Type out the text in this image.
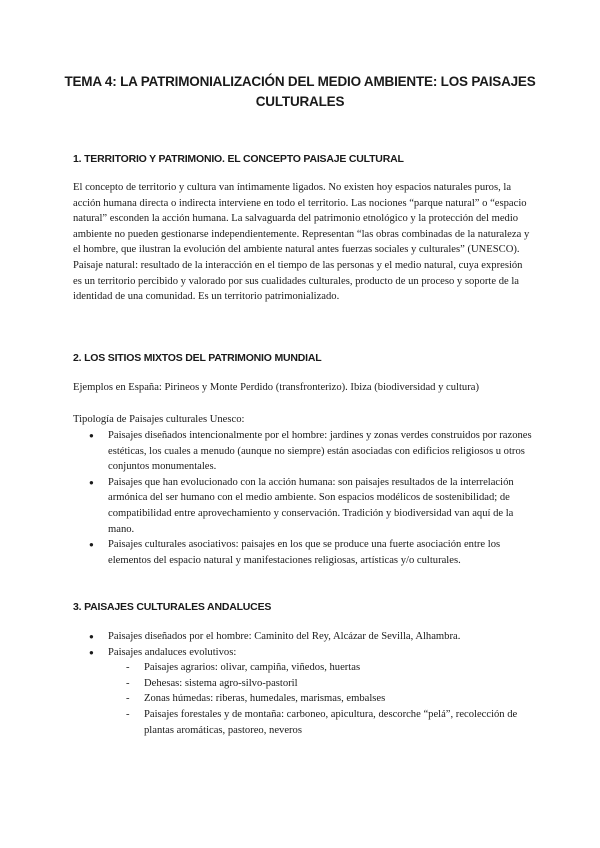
TEMA 4: LA PATRIMONIALIZACIÓN DEL MEDIO AMBIENTE: LOS PAISAJES CULTURALES
1. TERRITORIO Y PATRIMONIO. EL CONCEPTO PAISAJE CULTURAL

El concepto de territorio y cultura van íntimamente ligados. No existen hoy espacios naturales puros, la acción humana directa o indirecta interviene en todo el territorio. Las nociones “parque natural” o “espacio natural” esconden la acción humana. La salvaguarda del patrimonio etnológico y la protección del medio ambiente no pueden gestionarse independientemente. Representan “las obras combinadas de la naturaleza y el hombre, que ilustran la evolución del ambiente natural antes fuerzas sociales y culturales” (UNESCO).

Paisaje natural: resultado de la interacción en el tiempo de las personas y el medio natural, cuya expresión es un territorio percibido y valorado por sus cualidades culturales, producto de un proceso y soporte de la identidad de una comunidad. Es un territorio patrimonializado.

2. LOS SITIOS MIXTOS DEL PATRIMONIO MUNDIAL

Ejemplos en España: Pirineos y Monte Perdido (transfronterizo). Ibiza (biodiversidad y cultura)

Tipología de Paisajes culturales Unesco:

● Paisajes diseñados intencionalmente por el hombre: jardines y zonas verdes construidos por razones estéticas, los cuales a menudo (aunque no siempre) están asociadas con edificios religiosos u otros conjuntos monumentales.
● Paisajes que han evolucionado con la acción humana: son paisajes resultados de la interrelación armónica del ser humano con el medio ambiente. Son espacios modélicos de sostenibilidad; de compatibilidad entre aprovechamiento y conservación. Tradición y biodiversidad van aquí de la mano.
● Paisajes culturales asociativos: paisajes en los que se produce una fuerte asociación entre los elementos del espacio natural y manifestaciones religiosas, artísticas y/o culturales.
3. PAISAJES CULTURALES ANDALUCES
● Paisajes diseñados por el hombre: Caminito del Rey, Alcázar de Sevilla, Alhambra.
● Paisajes andaluces evolutivos:
- Paisajes agrarios: olivar, campiña, viñedos, huertas
- Dehesas: sistema agro-silvo-pastoril
- Zonas húmedas: riberas, humedales, marismas, embalses
- Paisajes forestales y de montaña: carboneo, apicultura, descorche “pelá”, recolección de plantas aromáticas, pastoreo, neveros
